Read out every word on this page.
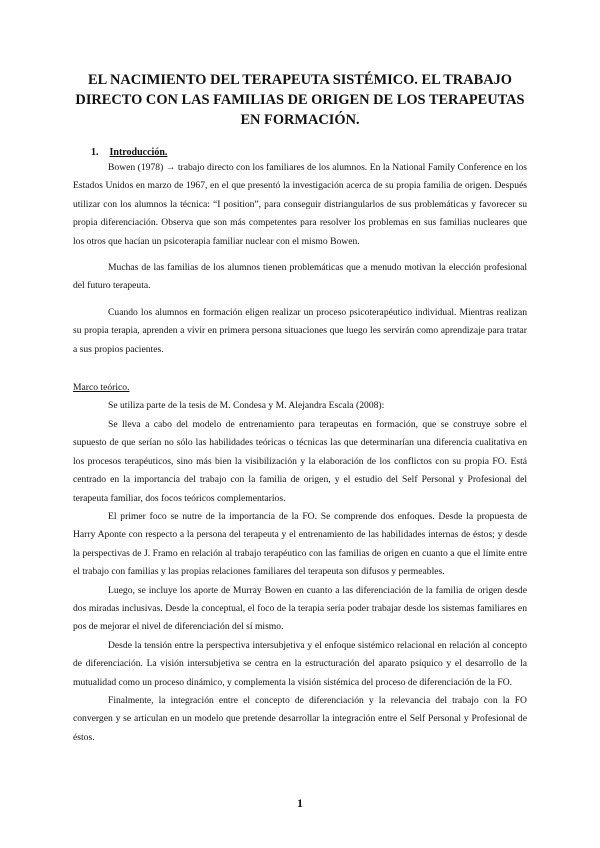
EL NACIMIENTO DEL TERAPEUTA SISTÉMICO. EL TRABAJO DIRECTO CON LAS FAMILIAS DE ORIGEN DE LOS TERAPEUTAS EN FORMACIÓN.
1. Introducción.

Bowen (1978) → trabajo directo con los familiares de los alumnos. En la National Family Conference en los Estados Unidos en marzo de 1967, en el que presentó la investigación acerca de su propia familia de origen. Después utilizar con los alumnos la técnica: “I position”, para conseguir distriangularlos de sus problemáticas y favorecer su propia diferenciación. Observa que son más competentes para resolver los problemas en sus familias nucleares que los otros que hacían un psicoterapia familiar nuclear con el mismo Bowen.

Muchas de las familias de los alumnos tienen problemáticas que a menudo motivan la elección profesional del futuro terapeuta.

Cuando los alumnos en formación eligen realizar un proceso psicoterapéutico individual. Mientras realizan su propia terapia, aprenden a vivir en primera persona situaciones que luego les servirán como aprendizaje para tratar a sus propios pacientes.

Marco teórico.

Se utiliza parte de la tesis de M. Condesa y M. Alejandra Escala (2008):

Se lleva a cabo del modelo de entrenamiento para terapeutas en formación, que se construye sobre el supuesto de que serían no sólo las habilidades teóricas o técnicas las que determinarían una diferencia cualitativa en los procesos terapéuticos, sino más bien la visibilización y la elaboración de los conflictos con su propia FO. Está centrado en la importancia del trabajo con la familia de origen, y el estudio del Self Personal y Profesional del terapeuta familiar, dos focos teóricos complementarios.

El primer foco se nutre de la importancia de la FO. Se comprende dos enfoques. Desde la propuesta de Harry Aponte con respecto a la persona del terapeuta y el entrenamiento de las habilidades internas de éstos; y desde la perspectivas de J. Framo en relación al trabajo terapéutico con las familias de origen en cuanto a que el límite entre el trabajo con familias y las propias relaciones familiares del terapeuta son difusos y permeables.

Luego, se incluye los aporte de Murray Bowen en cuanto a las diferenciación de la familia de origen desde dos miradas inclusivas. Desde la conceptual, el foco de la terapia sería poder trabajar desde los sistemas familiares en pos de mejorar el nivel de diferenciación del sí mismo.

Desde la tensión entre la perspectiva intersubjetiva y el enfoque sistémico relacional en relación al concepto de diferenciación. La visión intersubjetiva se centra en la estructuración del aparato psíquico y el desarrollo de la mutualidad como un proceso dinámico, y complementa la visión sistémica del proceso de diferenciación de la FO.

Finalmente, la integración entre el concepto de diferenciación y la relevancia del trabajo con la FO convergen y se articulan en un modelo que pretende desarrollar la integración entre el Self Personal y Profesional de éstos.

1
